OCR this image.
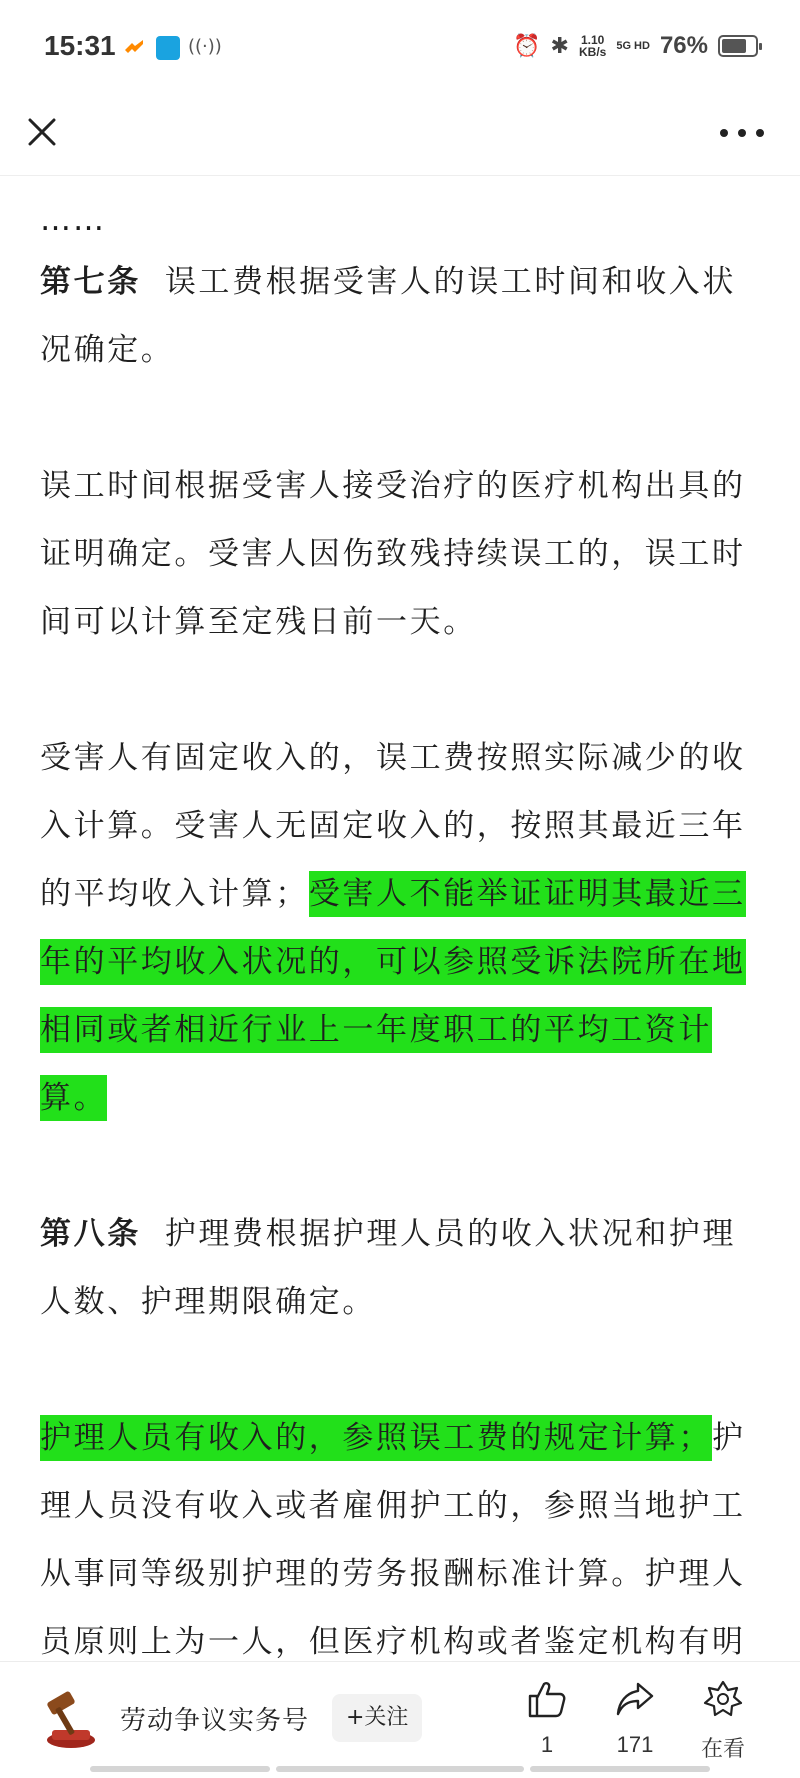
15:31	((·))	⏰ ✱ 1.10
KB/s 5G HD 76%

……

第七条 误工费根据受害人的误工时间和收入状况确定。

误工时间根据受害人接受治疗的医疗机构出具的证明确定。受害人因伤致残持续误工的，误工时间可以计算至定残日前一天。

受害人有固定收入的，误工费按照实际减少的收入计算。受害人无固定收入的，按照其最近三年的平均收入计算；受害人不能举证证明其最近三年的平均收入状况的，可以参照受诉法院所在地相同或者相近行业上一年度职工的平均工资计算。

第八条 护理费根据护理人员的收入状况和护理人数、护理期限确定。

护理人员有收入的，参照误工费的规定计算；护理人员没有收入或者雇佣护工的，参照当地护工从事同等级别护理的劳务报酬标准计算。护理人员原则上为一人，但医疗机构或者鉴定机构有明

劳动争议实务号	+关注
1	171	在看
